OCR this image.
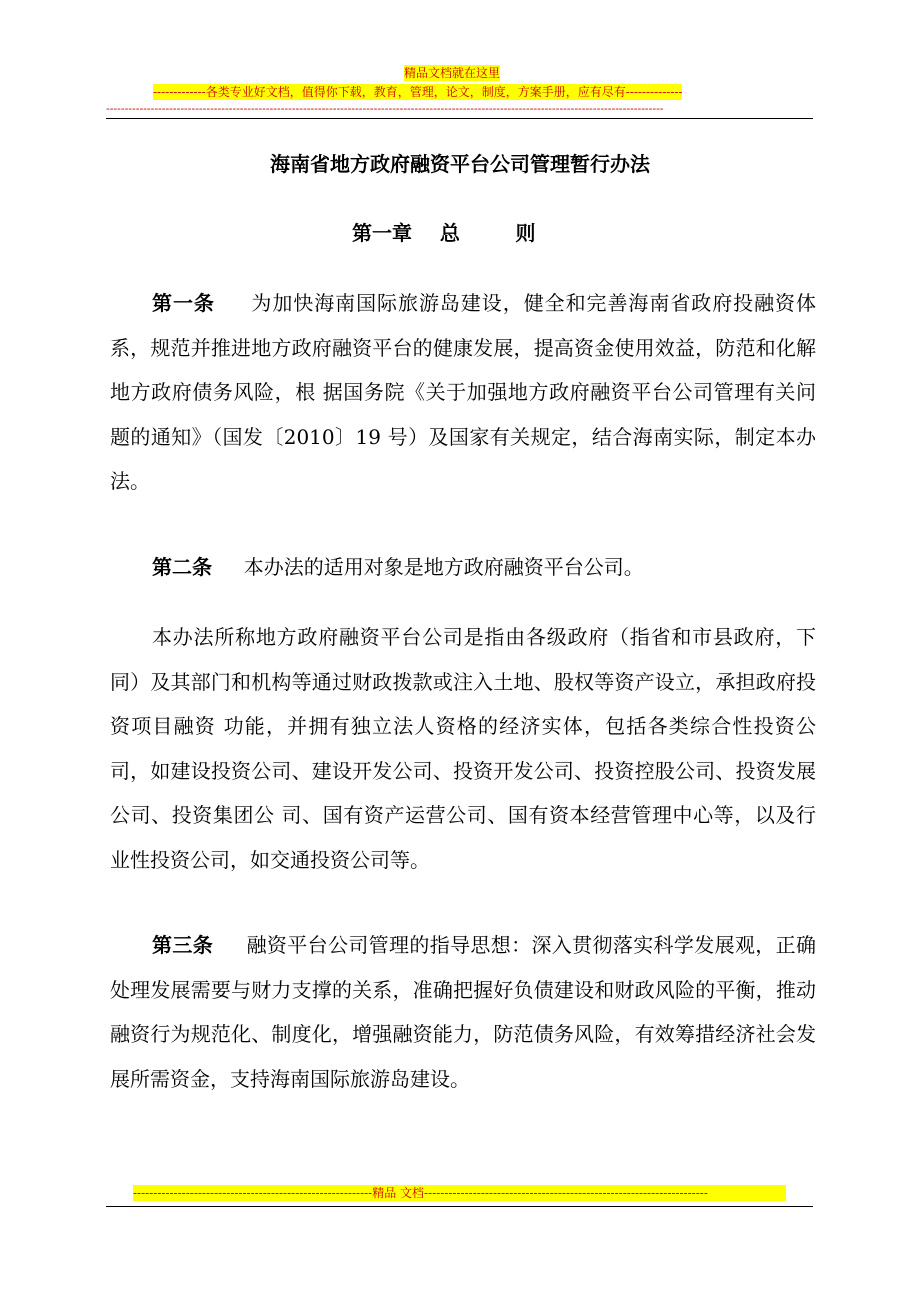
精品文档就在这里
-------------各类专业好文档，值得你下载，教育，管理，论文，制度，方案手册，应有尽有--------------
------------------------------------------------------------------------------------------------------------------------------------------------------
海南省地方政府融资平台公司管理暂行办法
第一章    总        则

第一条 为加快海南国际旅游岛建设，健全和完善海南省政府投融资体系，规范并推进地方政府融资平台的健康发展，提高资金使用效益，防范和化解地方政府债务风险，根 据国务院《关于加强地方政府融资平台公司管理有关问题的通知》（国发〔2010〕19 号）及国家有关规定，结合海南实际，制定本办法。

第二条 本办法的适用对象是地方政府融资平台公司。

本办法所称地方政府融资平台公司是指由各级政府（指省和市县政府，下同）及其部门和机构等通过财政拨款或注入土地、股权等资产设立，承担政府投资项目融资 功能，并拥有独立法人资格的经济实体，包括各类综合性投资公司，如建设投资公司、建设开发公司、投资开发公司、投资控股公司、投资发展公司、投资集团公 司、国有资产运营公司、国有资本经营管理中心等，以及行业性投资公司，如交通投资公司等。

第三条 融资平台公司管理的指导思想：深入贯彻落实科学发展观，正确处理发展需要与财力支撑的关系，准确把握好负债建设和财政风险的平衡，推动融资行为规范化、制度化，增强融资能力，防范债务风险，有效筹措经济社会发展所需资金，支持海南国际旅游岛建设。

-----------------------------------------------------------精品 文档----------------------------------------------------------------------
